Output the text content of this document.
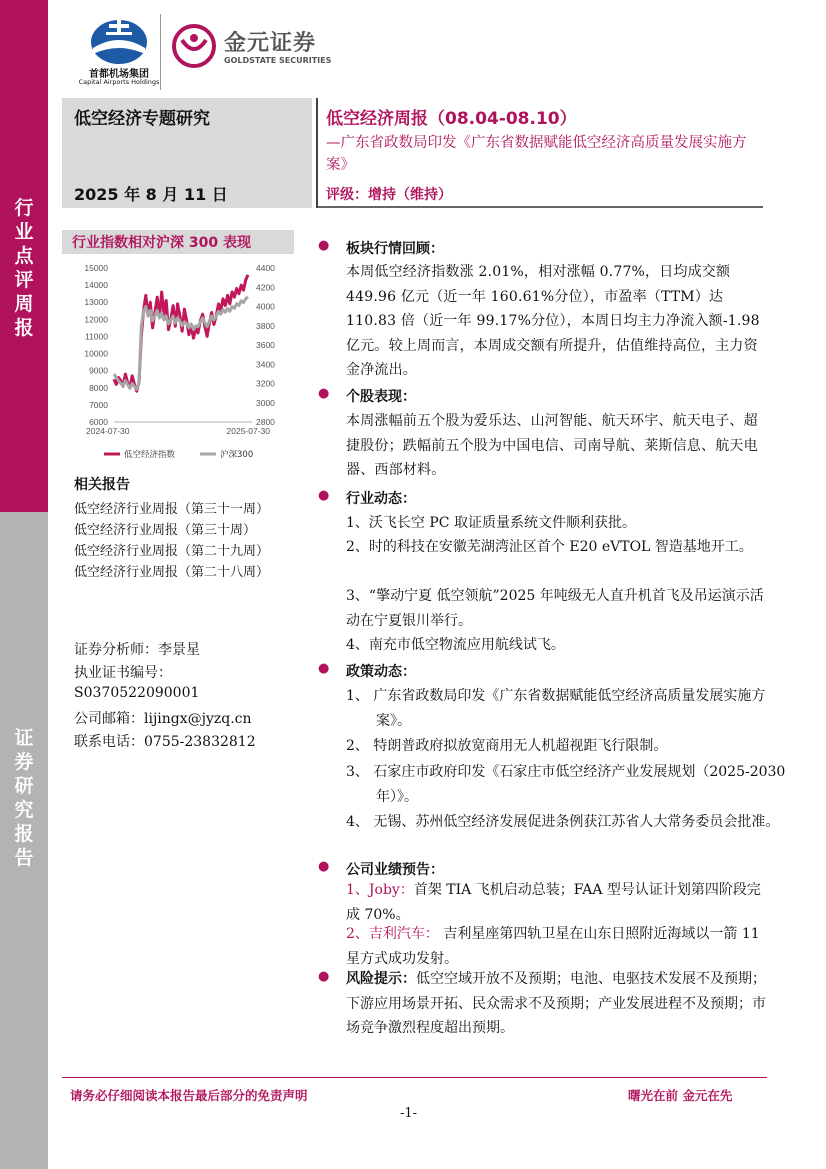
行
业
点
评
周
报
证
券
研
究
报
告
首都机场集团
Capital Airports Holdings
金元证券
GOLDSTATE SECURITIES
低空经济专题研究
2025 年 8 月 11 日
低空经济周报（08.04-08.10）
—广东省政数局印发《广东省数据赋能低空经济高质量发展实施方案》
评级：增持（维持）
行业指数相对沪深 300 表现
6000
7000
8000
9000
10000
11000
12000
13000
14000
15000
2800
3000
3200
3400
3600
3800
4000
4200
4400
2024-07-30	2025-07-30
低空经济指数	沪深300
相关报告
低空经济行业周报（第三十一周）
低空经济行业周报（第三十周）
低空经济行业周报（第二十九周）
低空经济行业周报（第二十八周）
证券分析师：李景星
执业证书编号：
S0370522090001
公司邮箱：lijingx@jyzq.cn
联系电话：0755-23832812
● 板块行情回顾：
本周低空经济指数涨 2.01%，相对涨幅 0.77%，日均成交额 449.96 亿元（近一年 160.61%分位），市盈率（TTM）达 110.83 倍（近一年 99.17%分位），本周日均主力净流入额-1.98 亿元。较上周而言，本周成交额有所提升，估值维持高位，主力资金净流出。
● 个股表现：
本周涨幅前五个股为爱乐达、山河智能、航天环宇、航天电子、超捷股份；跌幅前五个股为中国电信、司南导航、莱斯信息、航天电器、西部材料。
● 行业动态：
1、沃飞长空 PC 取证质量系统文件顺利获批。
2、时的科技在安徽芜湖湾沚区首个 E20 eVTOL 智造基地开工。
3、“擎动宁夏 低空领航”2025 年吨级无人直升机首飞及吊运演示活动在宁夏银川举行。
4、南充市低空物流应用航线试飞。
● 政策动态：
1、 广东省政数局印发《广东省数据赋能低空经济高质量发展实施方案》。
2、 特朗普政府拟放宽商用无人机超视距飞行限制。
3、 石家庄市政府印发《石家庄市低空经济产业发展规划（2025-2030 年）》。
4、 无锡、苏州低空经济发展促进条例获江苏省人大常务委员会批准。
● 公司业绩预告：
1、Joby：首架 TIA 飞机启动总装；FAA 型号认证计划第四阶段完成 70%。
2、吉利汽车： 吉利星座第四轨卫星在山东日照附近海域以一箭 11 星方式成功发射。
● 风险提示：低空空域开放不及预期；电池、电驱技术发展不及预期；下游应用场景开拓、民众需求不及预期；产业发展进程不及预期；市场竞争激烈程度超出预期。
请务必仔细阅读本报告最后部分的免责声明	曙光在前 金元在先
-1-
